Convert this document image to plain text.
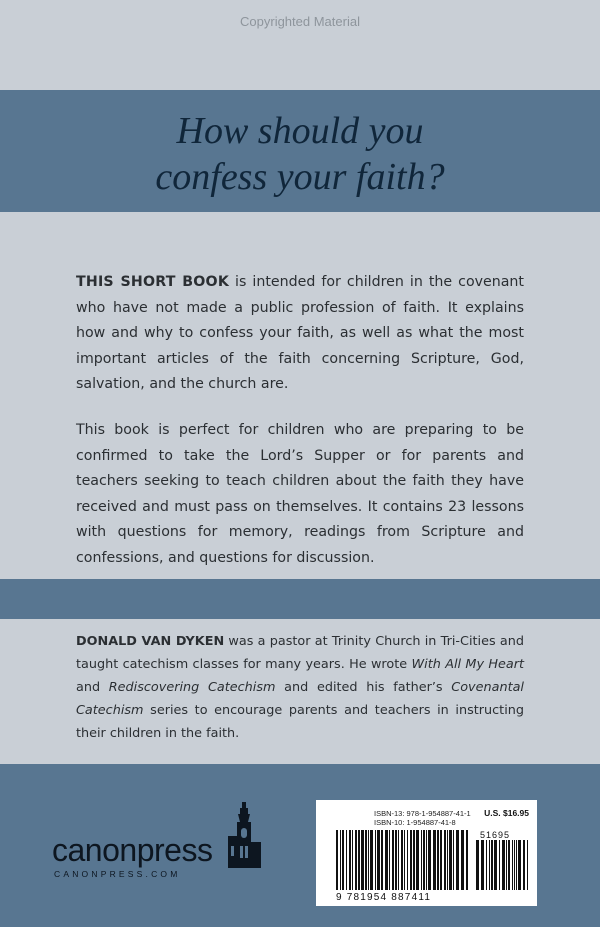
Copyrighted Material
How should you
confess your faith?
THIS SHORT BOOK is intended for children in the covenant who have not made a public profession of faith. It explains how and why to confess your faith, as well as what the most important articles of the faith concerning Scripture, God, salvation, and the church are.
This book is perfect for children who are preparing to be confirmed to take the Lord’s Supper or for parents and teachers seeking to teach children about the faith they have received and must pass on themselves. It contains 23 lessons with questions for memory, readings from Scripture and confessions, and questions for discussion.
DONALD VAN DYKEN was a pastor at Trinity Church in Tri-Cities and taught catechism classes for many years. He wrote With All My Heart and Rediscovering Catechism and edited his father’s Covenantal Catechism series to encourage parents and teachers in instructing their children in the faith.
canonpress
CANONPRESS.COM
ISBN-13: 978-1-954887-41-1
ISBN-10: 1-954887-41-8
U.S. $16.95
51695
9 781954 887411
